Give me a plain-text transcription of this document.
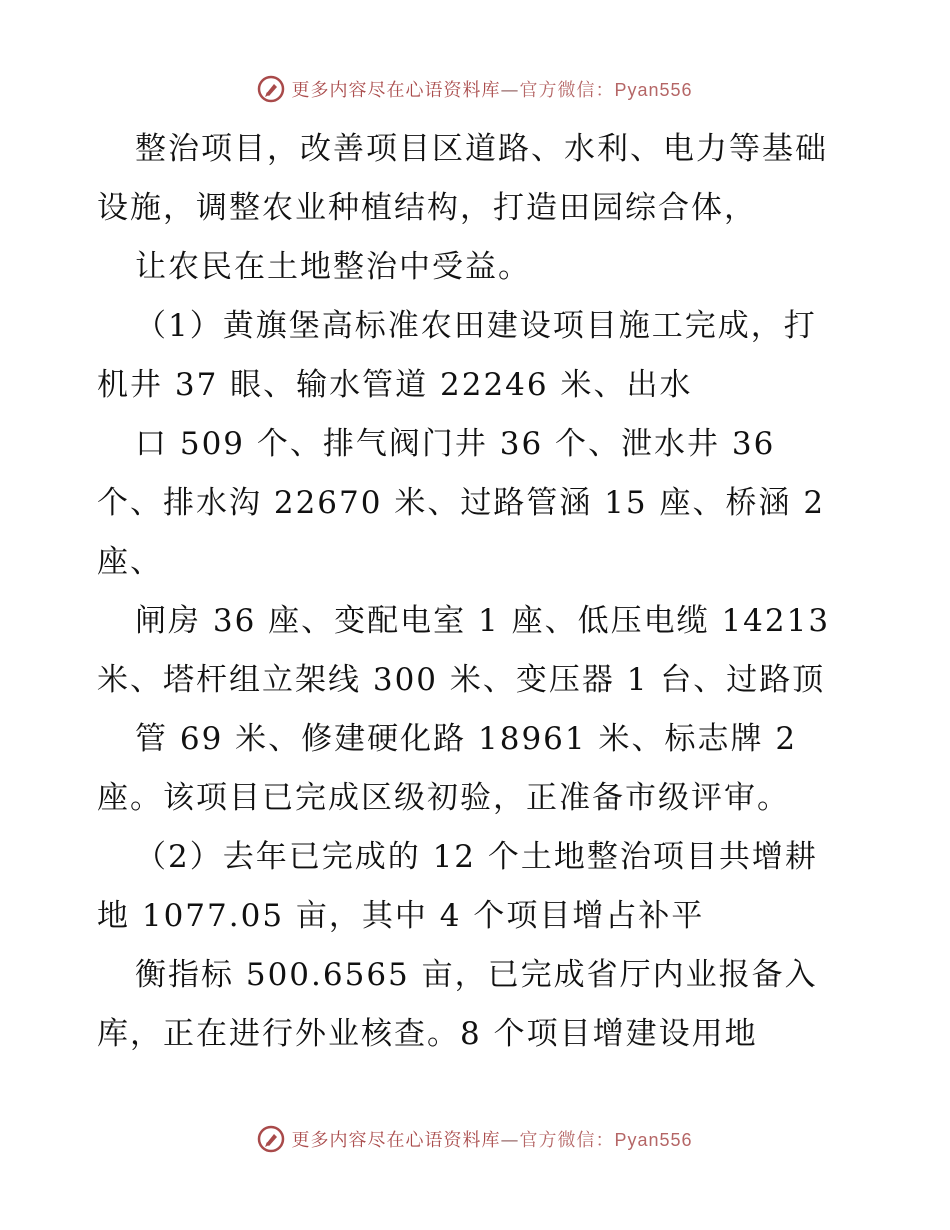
更多内容尽在心语资料库—官方微信：Pyan556
整治项目，改善项目区道路、水利、电力等基础
设施，调整农业种植结构，打造田园综合体，
让农民在土地整治中受益。
（1）黄旗堡高标准农田建设项目施工完成，打
机井 37 眼、输水管道 22246 米、出水
口 509 个、排气阀门井 36 个、泄水井 36
个、排水沟 22670 米、过路管涵 15 座、桥涵 2
座、
闸房 36 座、变配电室 1 座、低压电缆 14213
米、塔杆组立架线 300 米、变压器 1 台、过路顶
管 69 米、修建硬化路 18961 米、标志牌 2
座。该项目已完成区级初验，正准备市级评审。
（2）去年已完成的 12 个土地整治项目共增耕
地 1077.05 亩，其中 4 个项目增占补平
衡指标 500.6565 亩，已完成省厅内业报备入
库，正在进行外业核查。8 个项目增建设用地
更多内容尽在心语资料库—官方微信：Pyan556
